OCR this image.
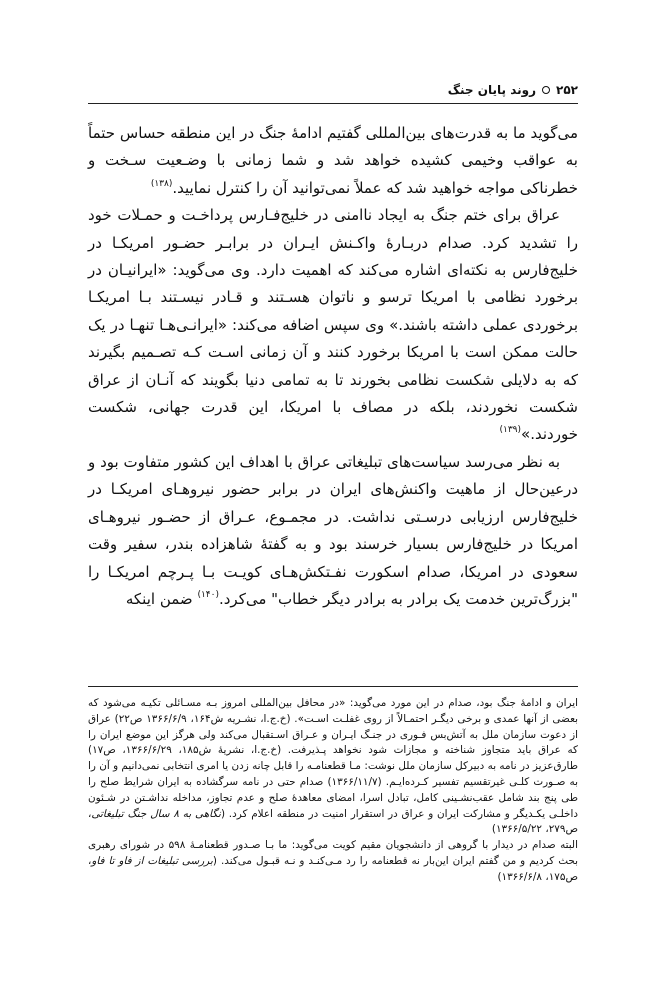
۲۵۲
روند پایان جنگ

می‌گوید ما به قدرت‌های بین‌المللی گفتیم ادامهٔ جنگ در این منطقه حساس حتماً به عواقب وخیمی کشیده خواهد شد و شما زمانی با وضـعیت سـخت و خطرناکی مواجه خواهید شد که عملاً نمی‌توانید آن را کنترل نمایید.$^{(۱۳۸)}$

عراق برای ختم جنگ به ایجاد ناامنی در خلیج‌فـارس پرداخـت و حمـلات خود را تشدید کرد. صدام دربـارهٔ واکـنش ایـران در برابـر حضـور امریکـا در خلیج‌فارس به نکته‌ای اشاره می‌کند که اهمیت دارد. وی می‌گوید: «ایرانیـان در برخورد نظامی با امریکا ترسو و ناتوان هسـتند و قـادر نیسـتند بـا امریکـا برخوردی عملی داشته باشند.» وی سپس اضافه می‌کند: «ایرانـی‌هـا تنهـا در یک حالت ممکن است با امریکا برخورد کنند و آن زمانی اسـت کـه تصـمیم بگیرند که به دلایلی شکست نظامی بخورند تا به تمامی دنیا بگویند که آنـان از عراق شکست نخوردند، بلکه در مصاف با امریکا، این قدرت جهانی، شکست خوردند.»$^{(۱۳۹)}$

به نظر می‌رسد سیاست‌های تبلیغاتی عراق با اهداف این کشور متفاوت بود و درعین‌حال از ماهیت واکنش‌های ایران در برابر حضور نیروهـای امریکـا در خلیج‌فارس ارزیابی درسـتی نداشت. در مجمـوع، عـراق از حضـور نیروهـای امریکا در خلیج‌فارس بسیار خرسند بود و به گفتهٔ شاهزاده بندر، سفیر وقت سعودی در امریکا، صدام اسکورت نفـتکش‌هـای کویـت بـا پـرچم امریکـا را "بزرگ‌ترین خدمت یک برادر به برادر دیگر خطاب" می‌کرد.$^{(۱۴۰)}$ ضمن اینکه

ایران و ادامهٔ جنگ بود، صدام در این مورد می‌گوید: «در محافل بین‌المللی امروز بـه مسـائلی تکیـه می‌شود که بعضی از آنها عمدی و برخی دیگـر احتمـالاً از روی غفلـت اسـت». (خ.ج.ا، نشـریه ش۱۶۴، ۱۳۶۶/۶/۹ ص۲۲) عراق از دعوت سازمان ملل به آتش‌بس فـوری در جنـگ ایـران و عـراق اسـتقبال می‌کند ولی هرگز این موضع ایران را که عراق باید متجاوز شناخته و مجازات شود نخواهد پـذیرفت. (خ.ج.ا، نشریهٔ ش۱۸۵، ۱۳۶۶/۶/۲۹، ص۱۷) طارق‌عزیز در نامه به دبیرکل سازمان ملل نوشت: مـا قطعنامـه را قابل چانه زدن یا امری انتخابی نمی‌دانیم و آن را به صـورت کلـی غیرتقسیم تفسیر کـرده‌ایـم. (۱۳۶۶/۱۱/۷) صدام حتی در نامه سرگشاده به ایران شرایط صلح را طی پنج بند شامل عقب‌نشـینی کامل، تبادل اسرا، امضای معاهدهٔ صلح و عدم تجاوز، مداخله نداشـتن در شـئون داخلـی یکـدیگر و مشارکت ایران و عراق در استقرار امنیت در منطقه اعلام کرد. (نگاهی به ۸ سال جنگ تبلیغاتی، ص۲۷۹، ۱۳۶۶/۵/۲۲)

البته صدام در دیدار با گروهی از دانشجویان مقیم کویت می‌گوید: ما بـا صـدور قطعنامـهٔ ۵۹۸ در شورای رهبری بحث کردیم و من گفتم ایران این‌بار نه قطعنامه را رد مـی‌کنـد و نـه قبـول می‌کند. (بررسی تبلیغات از فاو تا فاو، ص۱۷۵، ۱۳۶۶/۶/۸)
